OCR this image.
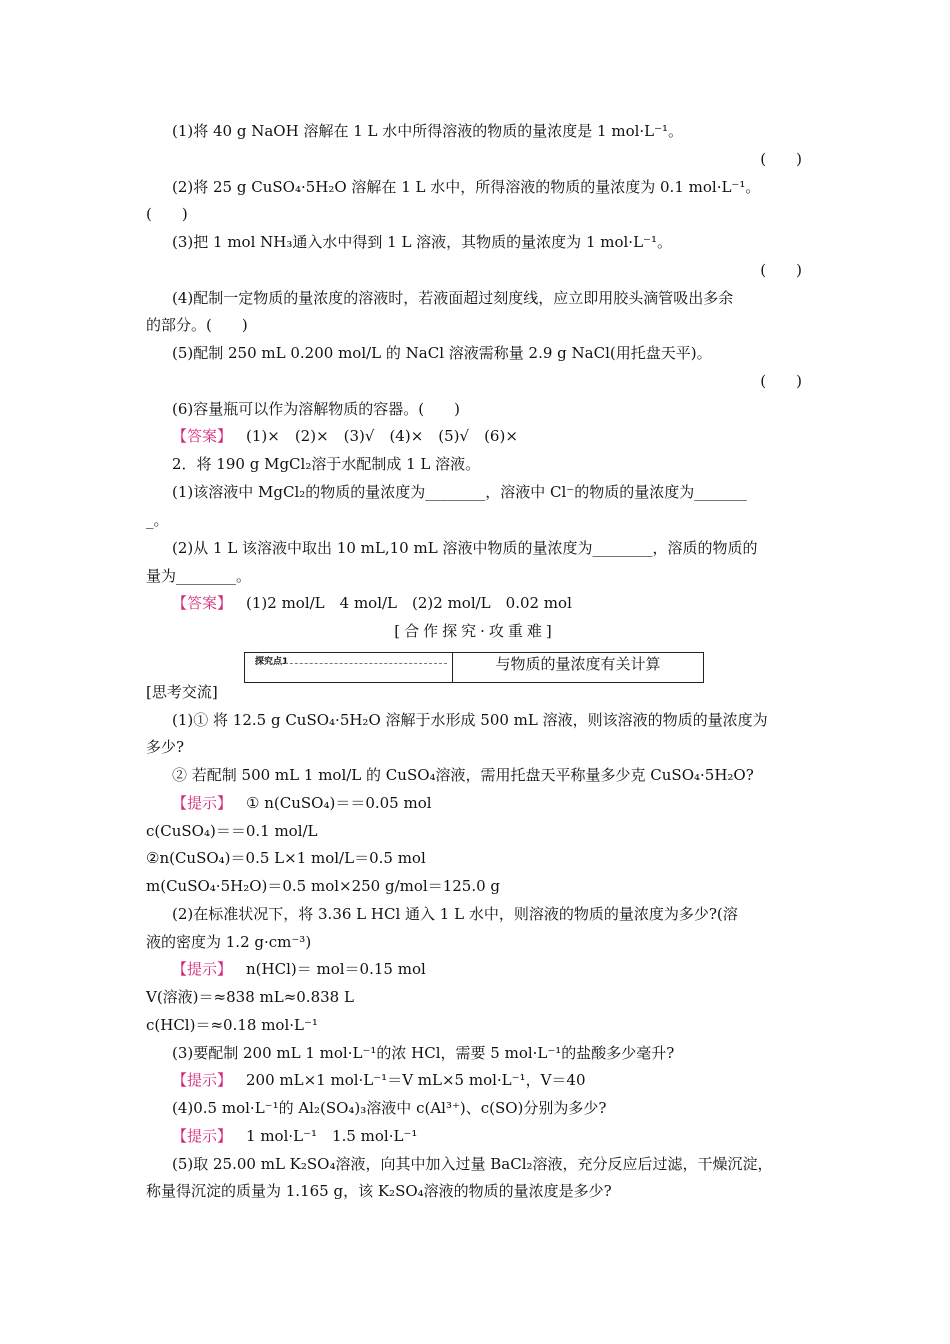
(1)将 40 g NaOH 溶解在 1 L 水中所得溶液的物质的量浓度是 1 mol·L⁻¹。
(　　)
(2)将 25 g CuSO₄·5H₂O 溶解在 1 L 水中，所得溶液的物质的量浓度为 0.1 mol·L⁻¹。
(　　)
(3)把 1 mol NH₃通入水中得到 1 L 溶液，其物质的量浓度为 1 mol·L⁻¹。
(　　)
(4)配制一定物质的量浓度的溶液时，若液面超过刻度线，应立即用胶头滴管吸出多余
的部分。(　　)
(5)配制 250 mL 0.200 mol/L 的 NaCl 溶液需称量 2.9 g NaCl(用托盘天平)。
(　　)
(6)容量瓶可以作为溶解物质的容器。(　　)
【答案】 (1)×　(2)×　(3)√　(4)×　(5)√　(6)×
2．将 190 g MgCl₂溶于水配制成 1 L 溶液。
(1)该溶液中 MgCl₂的物质的量浓度为________，溶液中 Cl⁻的物质的量浓度为_______
_。
(2)从 1 L 该溶液中取出 10 mL,10 mL 溶液中物质的量浓度为________，溶质的物质的
量为________。
【答案】 (1)2 mol/L　4 mol/L　(2)2 mol/L　0.02 mol
[合作探究·攻重难]
探究点1	与物质的量浓度有关计算
[思考交流]
(1)① 将 12.5 g CuSO₄·5H₂O 溶解于水形成 500 mL 溶液，则该溶液的物质的量浓度为
多少?
② 若配制 500 mL 1 mol/L 的 CuSO₄溶液，需用托盘天平称量多少克 CuSO₄·5H₂O?
【提示】 ① n(CuSO₄)＝＝0.05 mol
c(CuSO₄)＝＝0.1 mol/L
②n(CuSO₄)＝0.5 L×1 mol/L＝0.5 mol
m(CuSO₄·5H₂O)＝0.5 mol×250 g/mol＝125.0 g
(2)在标准状况下，将 3.36 L HCl 通入 1 L 水中，则溶液的物质的量浓度为多少?(溶
液的密度为 1.2 g·cm⁻³)
【提示】 n(HCl)＝ mol＝0.15 mol
V(溶液)＝≈838 mL≈0.838 L
c(HCl)＝≈0.18 mol·L⁻¹
(3)要配制 200 mL 1 mol·L⁻¹的浓 HCl，需要 5 mol·L⁻¹的盐酸多少毫升?
【提示】 200 mL×1 mol·L⁻¹＝V mL×5 mol·L⁻¹，V＝40
(4)0.5 mol·L⁻¹的 Al₂(SO₄)₃溶液中 c(Al³⁺)、c(SO)分别为多少?
【提示】 1 mol·L⁻¹　1.5 mol·L⁻¹
(5)取 25.00 mL K₂SO₄溶液，向其中加入过量 BaCl₂溶液，充分反应后过滤，干燥沉淀，
称量得沉淀的质量为 1.165 g，该 K₂SO₄溶液的物质的量浓度是多少?
